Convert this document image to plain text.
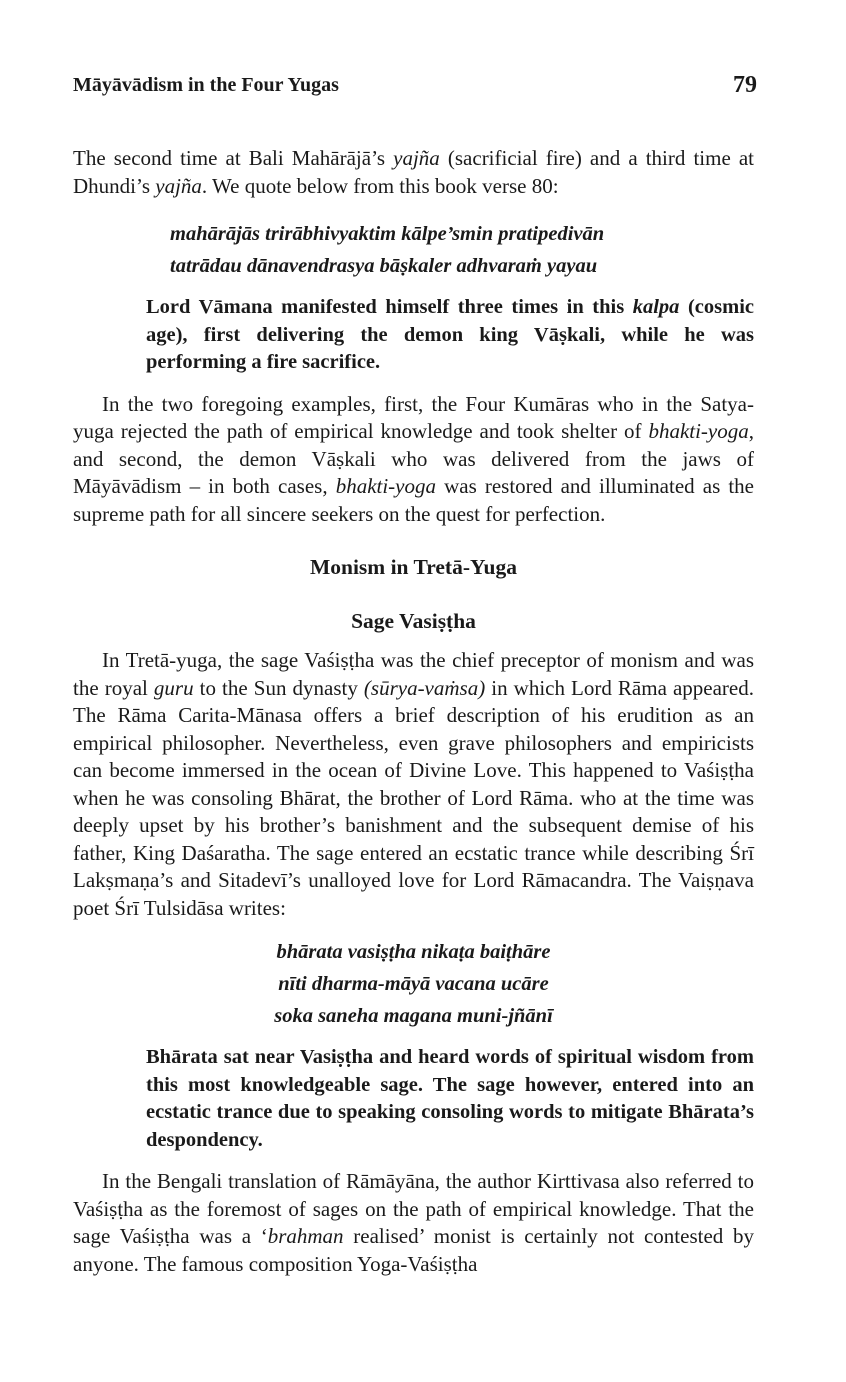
Māyāvādism in the Four Yugas	79

The second time at Bali Mahārājā’s yajña (sacrificial fire) and a third time at Dhundi’s yajña. We quote below from this book verse 80:

mahārājās trirābhivyaktim kālpe’smin pratipedivān
tatrādau dānavendrasya bāṣkaler adhvaraṁ yayau
Lord Vāmana manifested himself three times in this kalpa (cosmic age), first delivering the demon king Vāṣkali, while he was performing a fire sacrifice.

In the two foregoing examples, first, the Four Kumāras who in the Satya-yuga rejected the path of empirical knowledge and took shelter of bhakti-yoga, and second, the demon Vāṣkali who was delivered from the jaws of Māyāvādism – in both cases, bhakti-yoga was restored and illuminated as the supreme path for all sincere seekers on the quest for perfection.

Monism in Tretā-Yuga
Sage Vasiṣṭha

In Tretā-yuga, the sage Vaśiṣṭha was the chief preceptor of monism and was the royal guru to the Sun dynasty (sūrya-vaṁsa) in which Lord Rāma appeared. The Rāma Carita-Mānasa offers a brief description of his erudition as an empirical philosopher. Nevertheless, even grave philosophers and empiricists can become immersed in the ocean of Divine Love. This happened to Vaśiṣṭha when he was consoling Bhārat, the brother of Lord Rāma. who at the time was deeply upset by his brother’s banishment and the subsequent demise of his father, King Daśaratha. The sage entered an ecstatic trance while describing Śrī Lakṣmaṇa’s and Sitadevī’s unalloyed love for Lord Rāmacandra. The Vaiṣṇava poet Śrī Tulsidāsa writes:

bhārata vasiṣṭha nikaṭa baiṭhāre
nīti dharma-māyā vacana ucāre
soka saneha magana muni-jñānī
Bhārata sat near Vasiṣṭha and heard words of spiritual wisdom from this most knowledgeable sage. The sage however, entered into an ecstatic trance due to speaking consoling words to mitigate Bhārata’s despondency.

In the Bengali translation of Rāmāyāna, the author Kirttivasa also referred to Vaśiṣṭha as the foremost of sages on the path of empirical knowledge. That the sage Vaśiṣṭha was a ‘brahman realised’ monist is certainly not contested by anyone. The famous composition Yoga-Vaśiṣṭha
